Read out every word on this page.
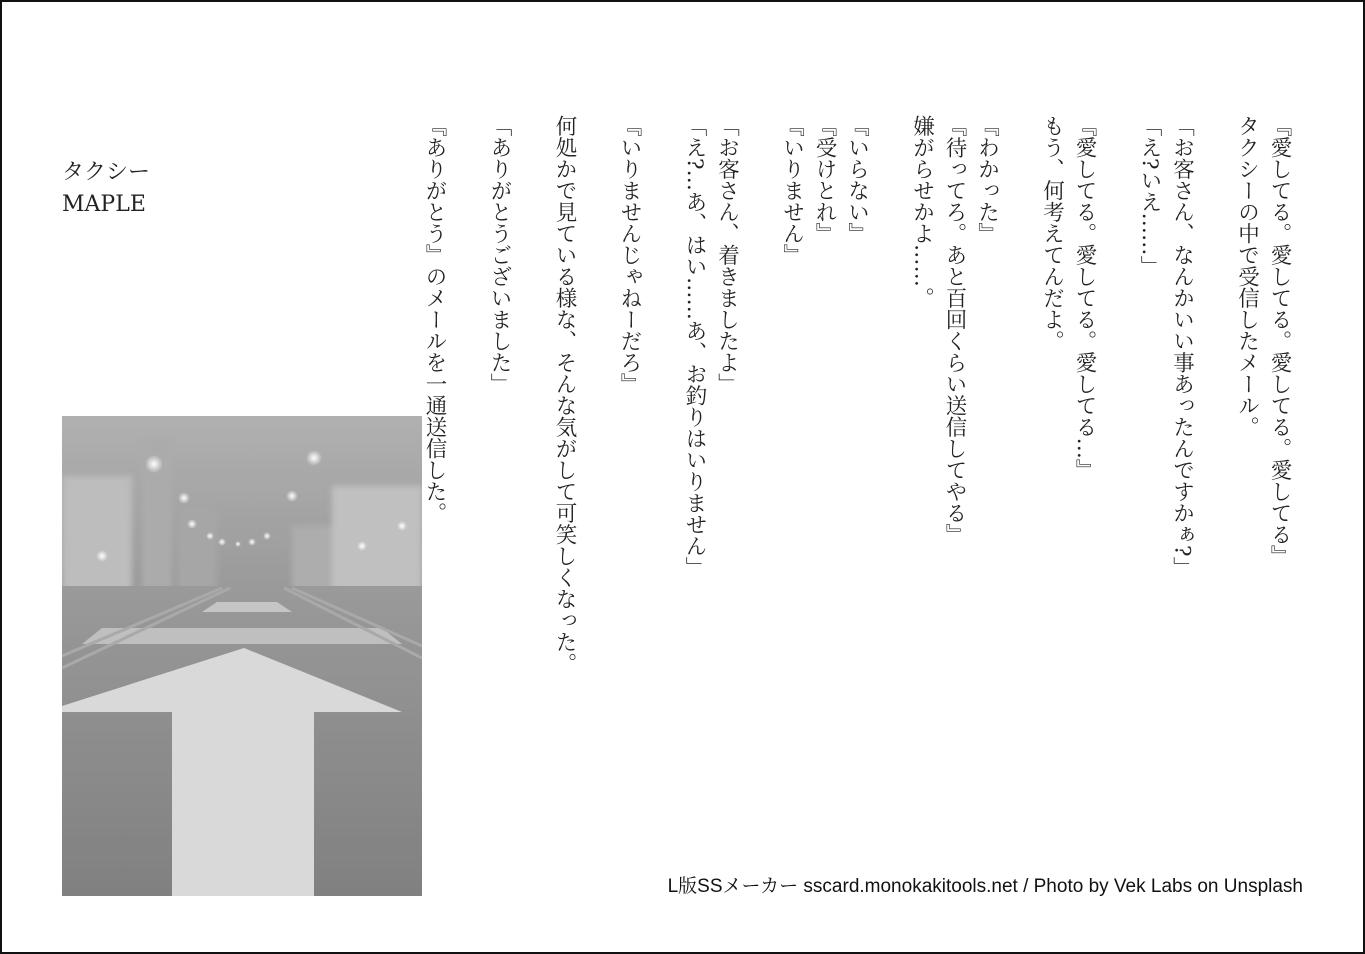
タクシー
MAPLE	『愛してる。愛してる。愛してる。愛してる』
タクシーの中で受信したメール。
「お客さん、なんかいい事あったんですかぁ?」
「え?いえ……」
『愛してる。愛してる。愛してる…』
もう、何考えてんだよ。
『わかった』
『待ってろ。あと百回くらい送信してやる』
嫌がらせかよ……。
『いらない』
『受けとれ』
『いりません』
「お客さん、着きましたよ」
「え?…あ、はい……あ、お釣りはいりません」
『いりませんじゃねーだろ』
何処かで見ている様な、そんな気がして可笑しくなった。
「ありがとうございました」
『ありがとう』のメールを一通送信した。
L版SSメーカー sscard.monokakitools.net / Photo by Vek Labs on Unsplash
